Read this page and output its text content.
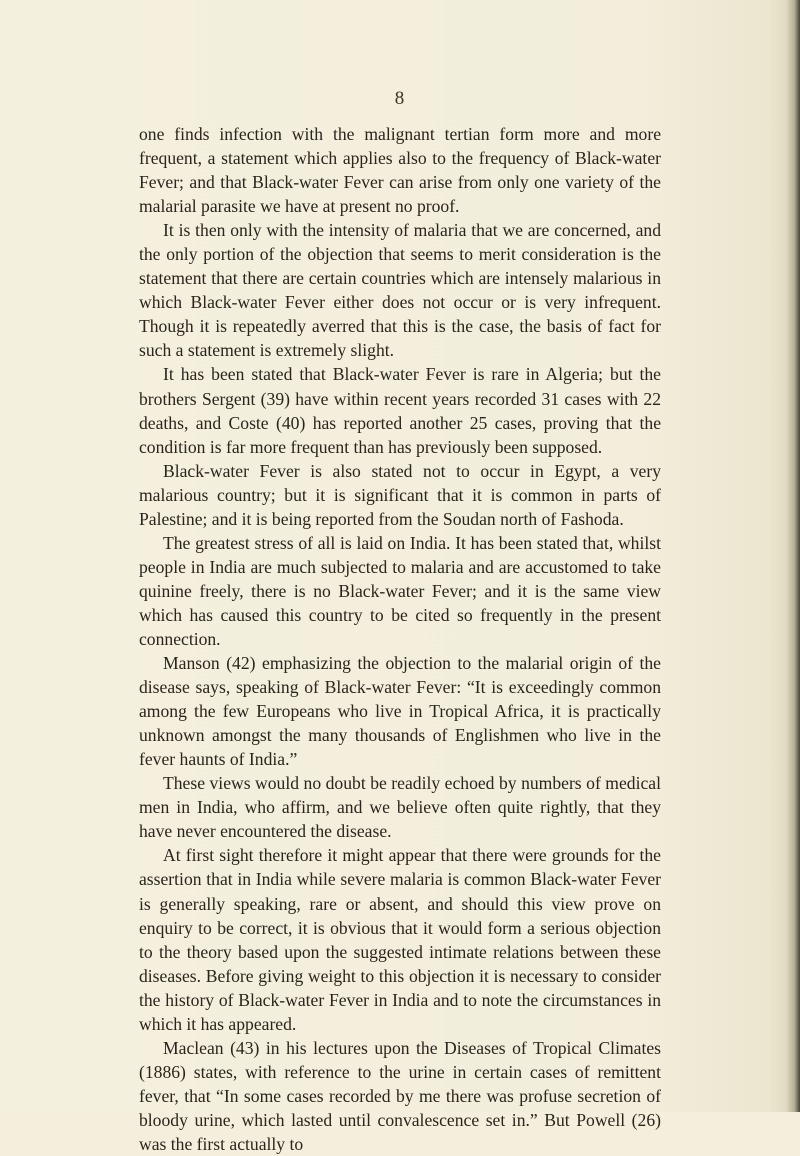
8

one finds infection with the malignant tertian form more and more frequent, a statement which applies also to the frequency of Black-water Fever; and that Black-water Fever can arise from only one variety of the malarial parasite we have at present no proof.

It is then only with the intensity of malaria that we are concerned, and the only portion of the objection that seems to merit consideration is the statement that there are certain countries which are intensely malarious in which Black-water Fever either does not occur or is very infrequent. Though it is repeatedly averred that this is the case, the basis of fact for such a statement is extremely slight.

It has been stated that Black-water Fever is rare in Algeria; but the brothers Sergent (39) have within recent years recorded 31 cases with 22 deaths, and Coste (40) has reported another 25 cases, proving that the condition is far more frequent than has previously been supposed.

Black-water Fever is also stated not to occur in Egypt, a very malarious country; but it is significant that it is common in parts of Palestine; and it is being reported from the Soudan north of Fashoda.

The greatest stress of all is laid on India. It has been stated that, whilst people in India are much subjected to malaria and are accustomed to take quinine freely, there is no Black-water Fever; and it is the same view which has caused this country to be cited so frequently in the present connection.

Manson (42) emphasizing the objection to the malarial origin of the disease says, speaking of Black-water Fever: “It is exceedingly common among the few Europeans who live in Tropical Africa, it is practically unknown amongst the many thousands of Englishmen who live in the fever haunts of India.”

These views would no doubt be readily echoed by numbers of medical men in India, who affirm, and we believe often quite rightly, that they have never encountered the disease.

At first sight therefore it might appear that there were grounds for the assertion that in India while severe malaria is common Black-water Fever is generally speaking, rare or absent, and should this view prove on enquiry to be correct, it is obvious that it would form a serious objection to the theory based upon the suggested intimate relations between these diseases. Before giving weight to this objection it is necessary to consider the history of Black-water Fever in India and to note the circumstances in which it has appeared.

Maclean (43) in his lectures upon the Diseases of Tropical Climates (1886) states, with reference to the urine in certain cases of remittent fever, that “In some cases recorded by me there was profuse secretion of bloody urine, which lasted until convalescence set in.” But Powell (26) was the first actually to
